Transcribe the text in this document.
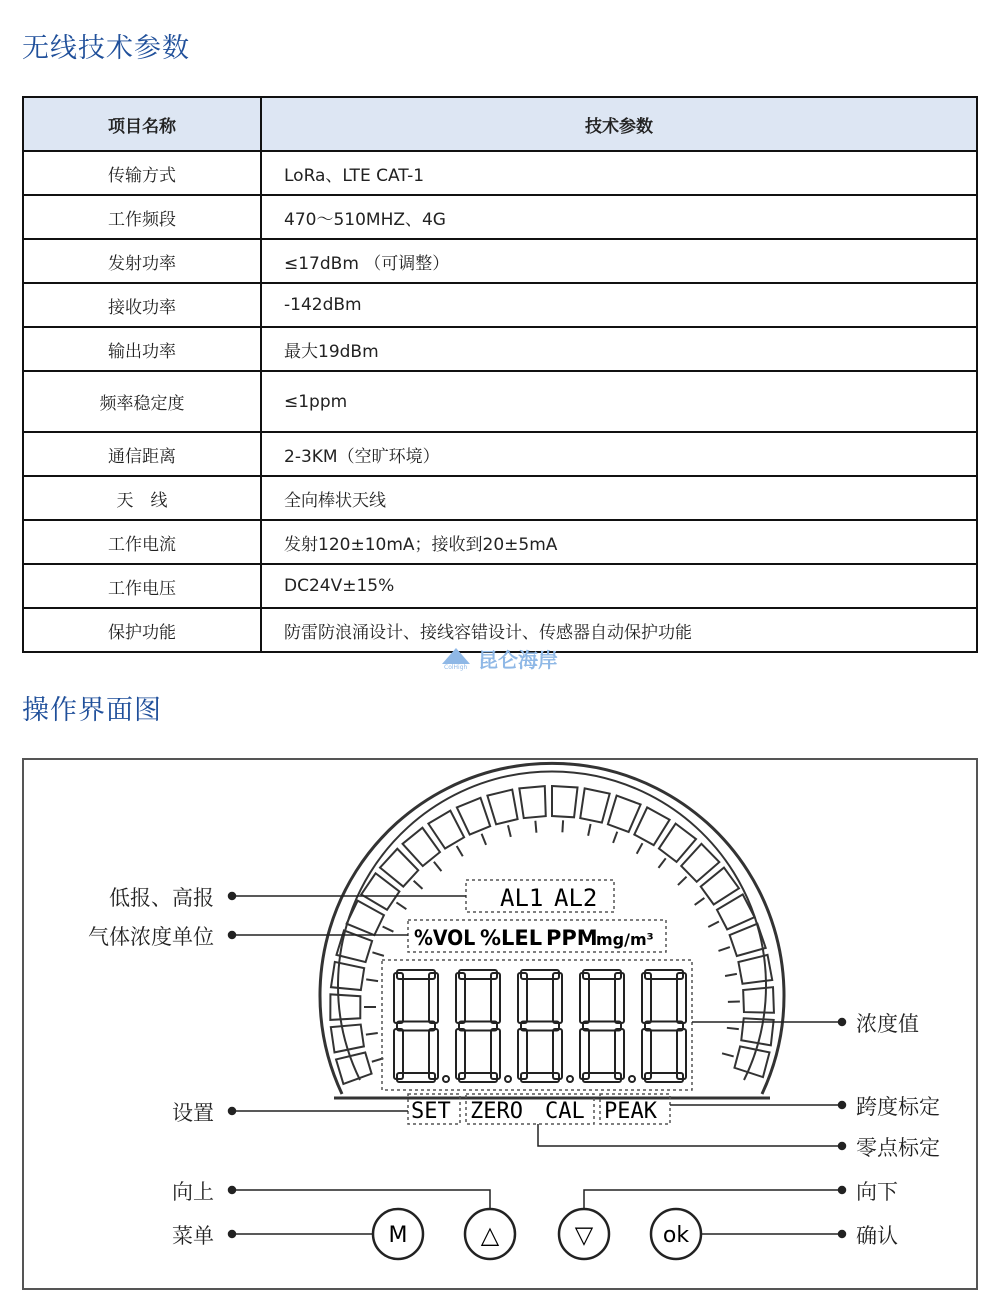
无线技术参数
项目名称	技术参数
传输方式	LoRa、LTE CAT-1
工作频段	470～510MHZ、4G
发射功率	≤17dBm （可调整）
接收功率	-142dBm
输出功率	最大19dBm
频率稳定度	≤1ppm
通信距离	2-3KM（空旷环境）
天　线	全向棒状天线
工作电流	发射120±10mA；接收到20±5mA
工作电压	DC24V±15%
保护功能	防雷防浪涌设计、接线容错设计、传感器自动保护功能
昆仑海岸
ColHigh
操作界面图
AL1 AL2
%VOL %LEL PPM
mg/m³
SET ZERO CAL PEAK
M	△	▽	ok
低报、高报
气体浓度单位
设置
向上
菜单
浓度值
跨度标定
零点标定
向下
确认
